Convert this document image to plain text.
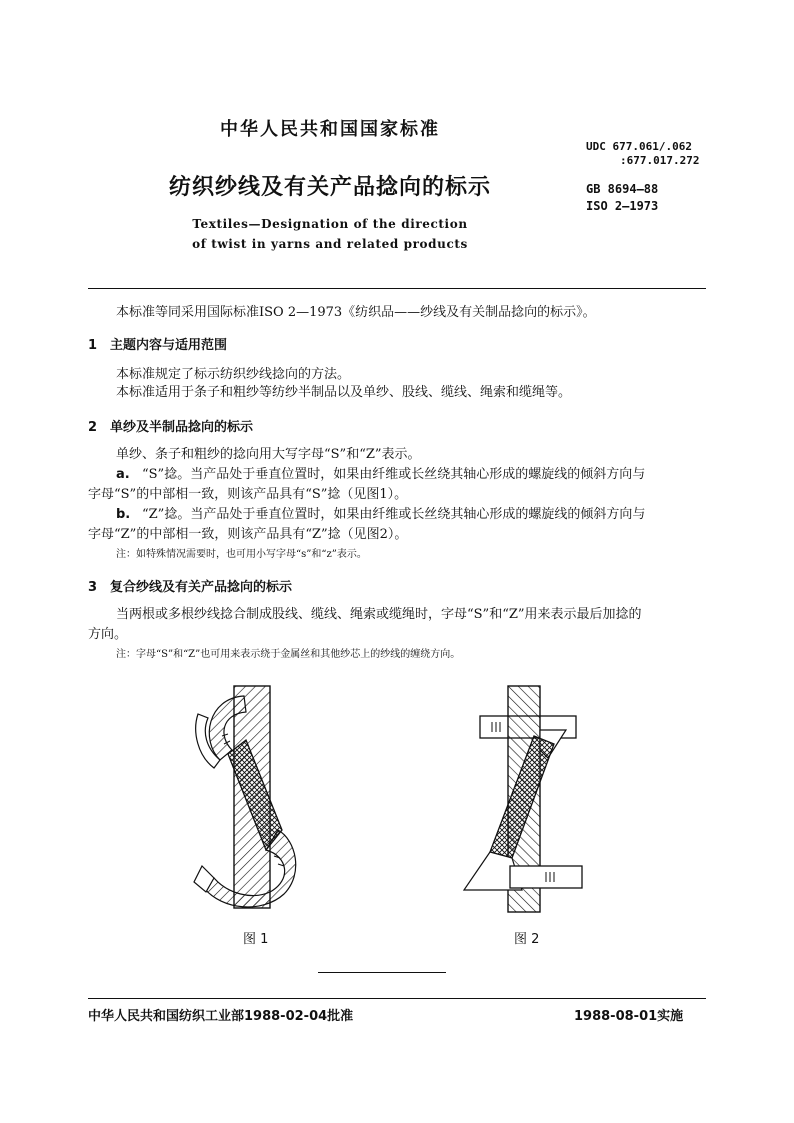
中华人民共和国国家标准
UDC 677.061/.062
:677.017.272
纺织纱线及有关产品捻向的标示	GB 8694—88
ISO 2—1973
Textiles—Designation of the direction
of twist in yarns and related products
本标准等同采用国际标准ISO 2—1973《纺织品——纱线及有关制品捻向的标示》。
1 主题内容与适用范围
本标准规定了标示纺织纱线捻向的方法。
本标准适用于条子和粗纱等纺纱半制品以及单纱、股线、缆线、绳索和缆绳等。
2 单纱及半制品捻向的标示
单纱、条子和粗纱的捻向用大写字母“S”和“Z”表示。
a. “S”捻。当产品处于垂直位置时，如果由纤维或长丝绕其轴心形成的螺旋线的倾斜方向与
字母“S”的中部相一致，则该产品具有“S”捻（见图1）。
b. “Z”捻。当产品处于垂直位置时，如果由纤维或长丝绕其轴心形成的螺旋线的倾斜方向与
字母“Z”的中部相一致，则该产品具有“Z”捻（见图2）。
注：如特殊情况需要时，也可用小写字母“s”和“z”表示。
3 复合纱线及有关产品捻向的标示
当两根或多根纱线捻合制成股线、缆线、绳索或缆绳时，字母“S”和“Z”用来表示最后加捻的
方向。
注：字母“S”和“Z”也可用来表示绕于金属丝和其他纱芯上的纱线的缠绕方向。
图 1	图 2
中华人民共和国纺织工业部1988-02-04批准	1988-08-01实施
